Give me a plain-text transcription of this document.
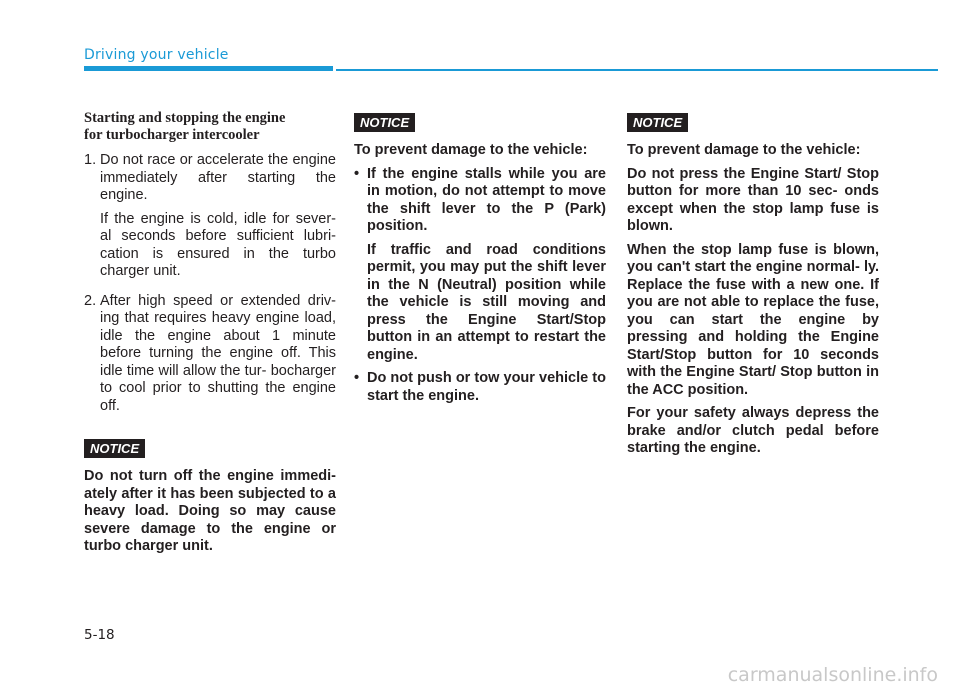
Driving your vehicle
Starting and stopping the engine
for turbocharger intercooler
1. Do not race or accelerate the engine immediately after starting the engine.

If the engine is cold, idle for sever- al seconds before sufficient lubri- cation is ensured in the turbo charger unit.

2. After high speed or extended driv- ing that requires heavy engine load, idle the engine about 1 minute before turning the engine off. This idle time will allow the tur- bocharger to cool prior to shutting the engine off.

NOTICE

Do not turn off the engine immedi- ately after it has been subjected to a heavy load. Doing so may cause severe damage to the engine or turbo charger unit.

NOTICE

To prevent damage to the vehicle:

• If the engine stalls while you are in motion, do not attempt to move the shift lever to the P (Park) position.

If traffic and road conditions permit, you may put the shift lever in the N (Neutral) position while the vehicle is still moving and press the Engine Start/Stop button in an attempt to restart the engine.

• Do not push or tow your vehicle to start the engine.

NOTICE

To prevent damage to the vehicle:

Do not press the Engine Start/ Stop button for more than 10 sec- onds except when the stop lamp fuse is blown.

When the stop lamp fuse is blown, you can't start the engine normal- ly. Replace the fuse with a new one. If you are not able to replace the fuse, you can start the engine by pressing and holding the Engine Start/Stop button for 10 seconds with the Engine Start/ Stop button in the ACC position.

For your safety always depress the brake and/or clutch pedal before starting the engine.

5-18
carmanualsonline.info
